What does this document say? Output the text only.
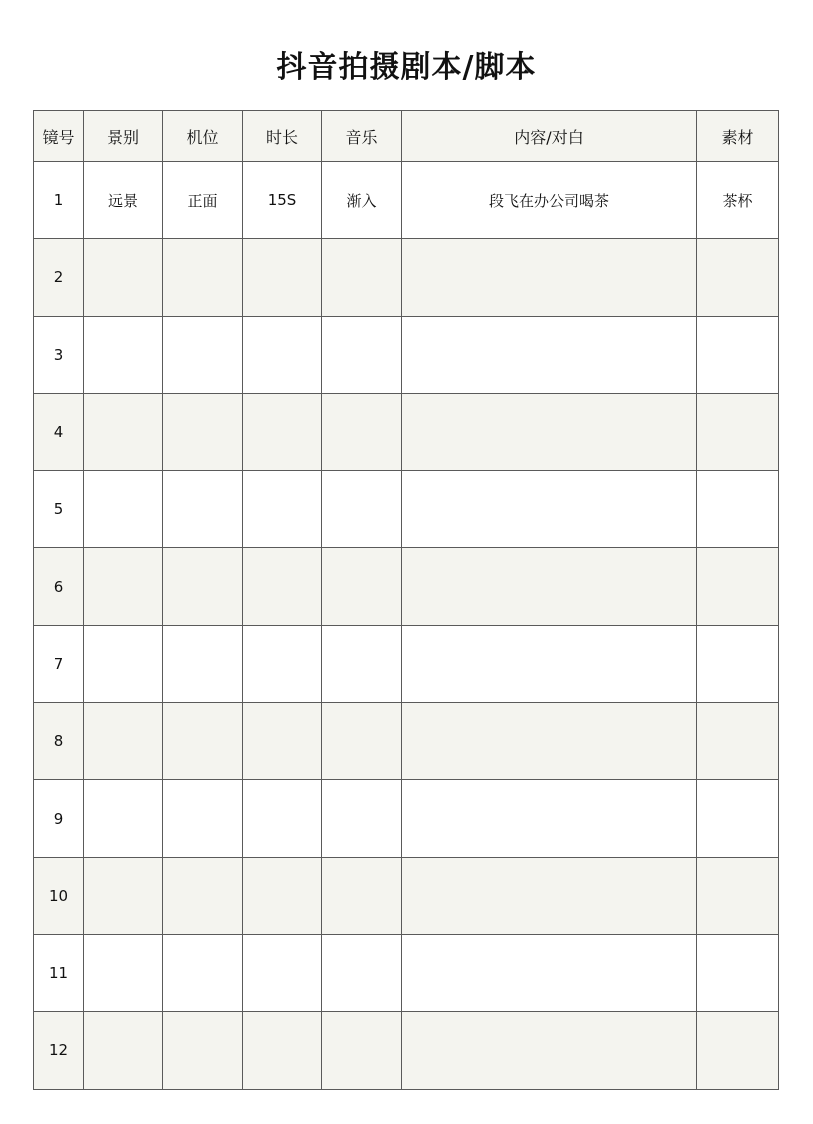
抖音拍摄剧本/脚本
镜号	景别	机位	时长	音乐	内容/对白	素材
1	远景	正面	15S	渐入	段飞在办公司喝茶	茶杯
2						
3						
4						
5						
6						
7						
8						
9						
10						
11						
12						
